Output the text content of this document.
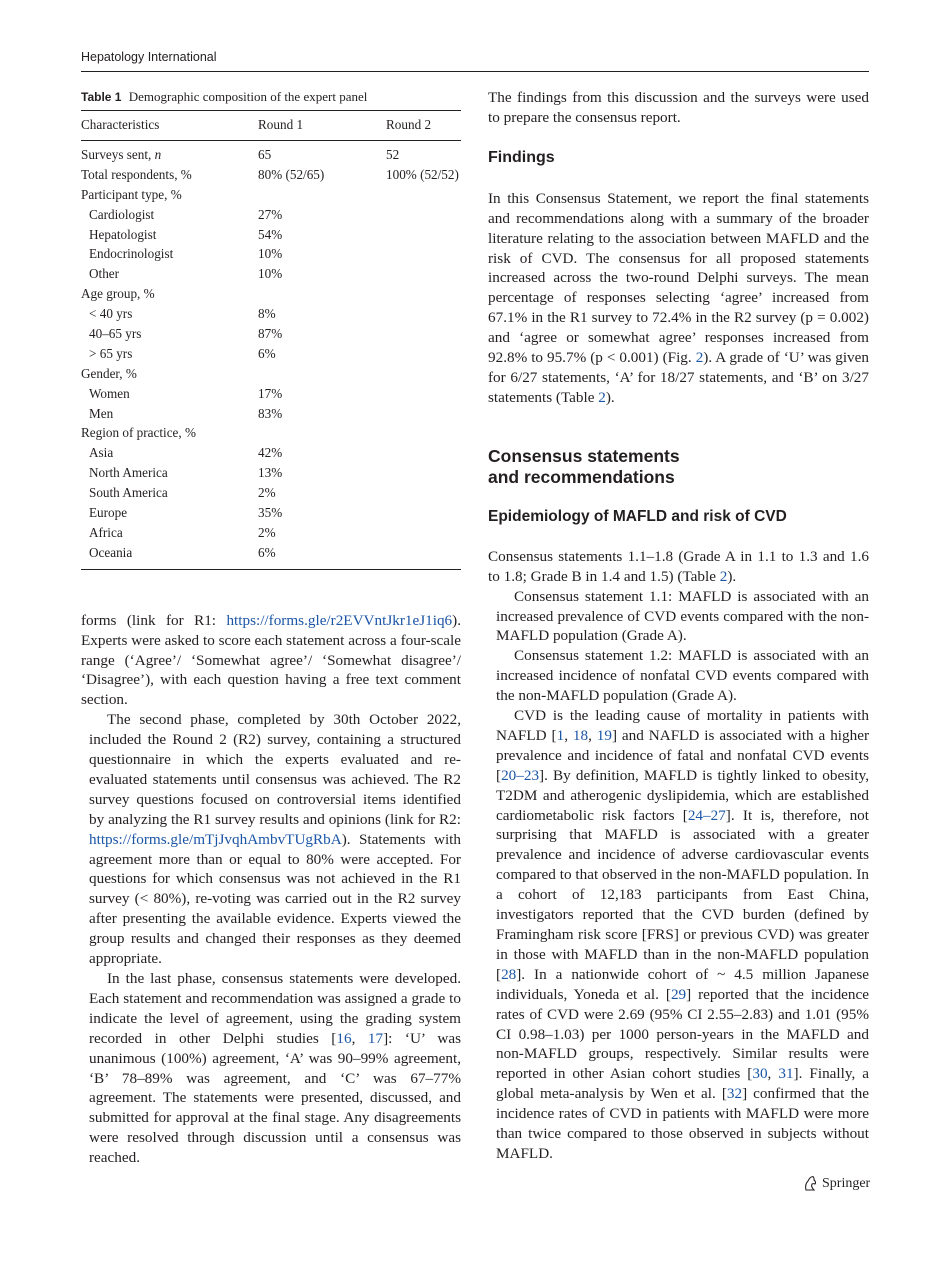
Hepatology International

Table 1 Demographic composition of the expert panel

Characteristics	Round 1	Round 2
Surveys sent, n	65	52
Total respondents, %	80% (52/65)	100% (52/52)
Participant type, %		
Cardiologist	27%	
Hepatologist	54%	
Endocrinologist	10%	
Other	10%	
Age group, %		
< 40 yrs	8%	
40–65 yrs	87%	
> 65 yrs	6%	
Gender, %		
Women	17%	
Men	83%	
Region of practice, %		
Asia	42%	
North America	13%	
South America	2%	
Europe	35%	
Africa	2%	
Oceania	6%	

forms (link for R1: https://forms.gle/r2EVVntJkr1eJ1iq6). Experts were asked to score each statement across a four-scale range (‘Agree’/ ‘Somewhat agree’/ ‘Somewhat disagree’/ ‘Disagree’), with each question having a free text comment section.

The second phase, completed by 30th October 2022, included the Round 2 (R2) survey, containing a structured questionnaire in which the experts evaluated and re-evaluated statements until consensus was achieved. The R2 survey questions focused on controversial items identified by analyzing the R1 survey results and opinions (link for R2: https://forms.gle/mTjJvqhAmbvTUgRbA). Statements with agreement more than or equal to 80% were accepted. For questions for which consensus was not achieved in the R1 survey (< 80%), re-voting was carried out in the R2 survey after presenting the available evidence. Experts viewed the group results and changed their responses as they deemed appropriate.

In the last phase, consensus statements were developed. Each statement and recommendation was assigned a grade to indicate the level of agreement, using the grading system recorded in other Delphi studies [16, 17]: ‘U’ was unanimous (100%) agreement, ‘A’ was 90–99% agreement, ‘B’ 78–89% was agreement, and ‘C’ was 67–77% agreement. The statements were presented, discussed, and submitted for approval at the final stage. Any disagreements were resolved through discussion until a consensus was reached.

The findings from this discussion and the surveys were used to prepare the consensus report.

Findings

In this Consensus Statement, we report the final statements and recommendations along with a summary of the broader literature relating to the association between MAFLD and the risk of CVD. The consensus for all proposed statements increased across the two-round Delphi surveys. The mean percentage of responses selecting ‘agree’ increased from 67.1% in the R1 survey to 72.4% in the R2 survey (p = 0.002) and ‘agree or somewhat agree’ responses increased from 92.8% to 95.7% (p < 0.001) (Fig. 2). A grade of ‘U’ was given for 6/27 statements, ‘A’ for 18/27 statements, and ‘B’ on 3/27 statements (Table 2).

Consensus statements
and recommendations
Epidemiology of MAFLD and risk of CVD

Consensus statements 1.1–1.8 (Grade A in 1.1 to 1.3 and 1.6 to 1.8; Grade B in 1.4 and 1.5) (Table 2).

Consensus statement 1.1: MAFLD is associated with an increased prevalence of CVD events compared with the non-MAFLD population (Grade A).

Consensus statement 1.2: MAFLD is associated with an increased incidence of nonfatal CVD events compared with the non-MAFLD population (Grade A).

CVD is the leading cause of mortality in patients with NAFLD [1, 18, 19] and NAFLD is associated with a higher prevalence and incidence of fatal and nonfatal CVD events [20–23]. By definition, MAFLD is tightly linked to obesity, T2DM and atherogenic dyslipidemia, which are established cardiometabolic risk factors [24–27]. It is, therefore, not surprising that MAFLD is associated with a greater prevalence and incidence of adverse cardiovascular events compared to that observed in the non-MAFLD population. In a cohort of 12,183 participants from East China, investigators reported that the CVD burden (defined by Framingham risk score [FRS] or previous CVD) was greater in those with MAFLD than in the non-MAFLD population [28]. In a nationwide cohort of ~ 4.5 million Japanese individuals, Yoneda et al. [29] reported that the incidence rates of CVD were 2.69 (95% CI 2.55–2.83) and 1.01 (95% CI 0.98–1.03) per 1000 person-years in the MAFLD and non-MAFLD groups, respectively. Similar results were reported in other Asian cohort studies [30, 31]. Finally, a global meta-analysis by Wen et al. [32] confirmed that the incidence rates of CVD in patients with MAFLD were more than twice compared to those observed in subjects without MAFLD.

Springer
